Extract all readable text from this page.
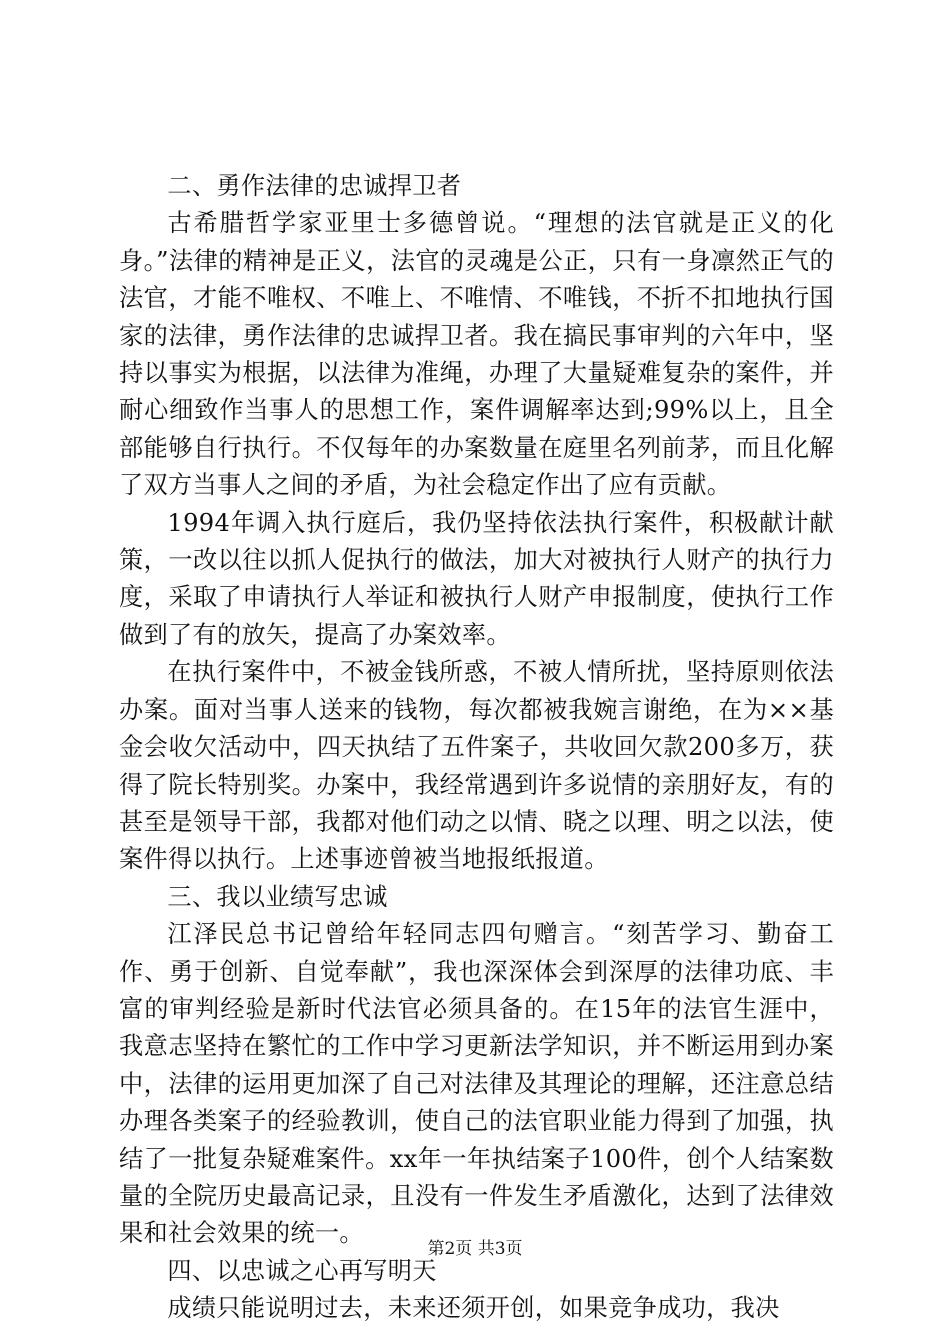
二、勇作法律的忠诚捍卫者

古希腊哲学家亚里士多德曾说。“理想的法官就是正义的化身。”法律的精神是正义，法官的灵魂是公正，只有一身凛然正气的法官，才能不唯权、不唯上、不唯情、不唯钱，不折不扣地执行国家的法律，勇作法律的忠诚捍卫者。我在搞民事审判的六年中，坚持以事实为根据，以法律为准绳，办理了大量疑难复杂的案件，并耐心细致作当事人的思想工作，案件调解率达到;99%以上，且全部能够自行执行。不仅每年的办案数量在庭里名列前茅，而且化解了双方当事人之间的矛盾，为社会稳定作出了应有贡献。

1994年调入执行庭后，我仍坚持依法执行案件，积极献计献策，一改以往以抓人促执行的做法，加大对被执行人财产的执行力度，采取了申请执行人举证和被执行人财产申报制度，使执行工作做到了有的放矢，提高了办案效率。

在执行案件中，不被金钱所惑，不被人情所扰，坚持原则依法办案。面对当事人送来的钱物，每次都被我婉言谢绝，在为××基金会收欠活动中，四天执结了五件案子，共收回欠款200多万，获得了院长特别奖。办案中，我经常遇到许多说情的亲朋好友，有的甚至是领导干部，我都对他们动之以情、晓之以理、明之以法，使案件得以执行。上述事迹曾被当地报纸报道。

三、我以业绩写忠诚

江泽民总书记曾给年轻同志四句赠言。“刻苦学习、勤奋工作、勇于创新、自觉奉献”，我也深深体会到深厚的法律功底、丰富的审判经验是新时代法官必须具备的。在15年的法官生涯中，我意志坚持在繁忙的工作中学习更新法学知识，并不断运用到办案中，法律的运用更加深了自己对法律及其理论的理解，还注意总结办理各类案子的经验教训，使自己的法官职业能力得到了加强，执结了一批复杂疑难案件。xx年一年执结案子100件，创个人结案数量的全院历史最高记录，且没有一件发生矛盾激化，达到了法律效果和社会效果的统一。

四、以忠诚之心再写明天

成绩只能说明过去，未来还须开创，如果竞争成功，我决

第2页 共3页
